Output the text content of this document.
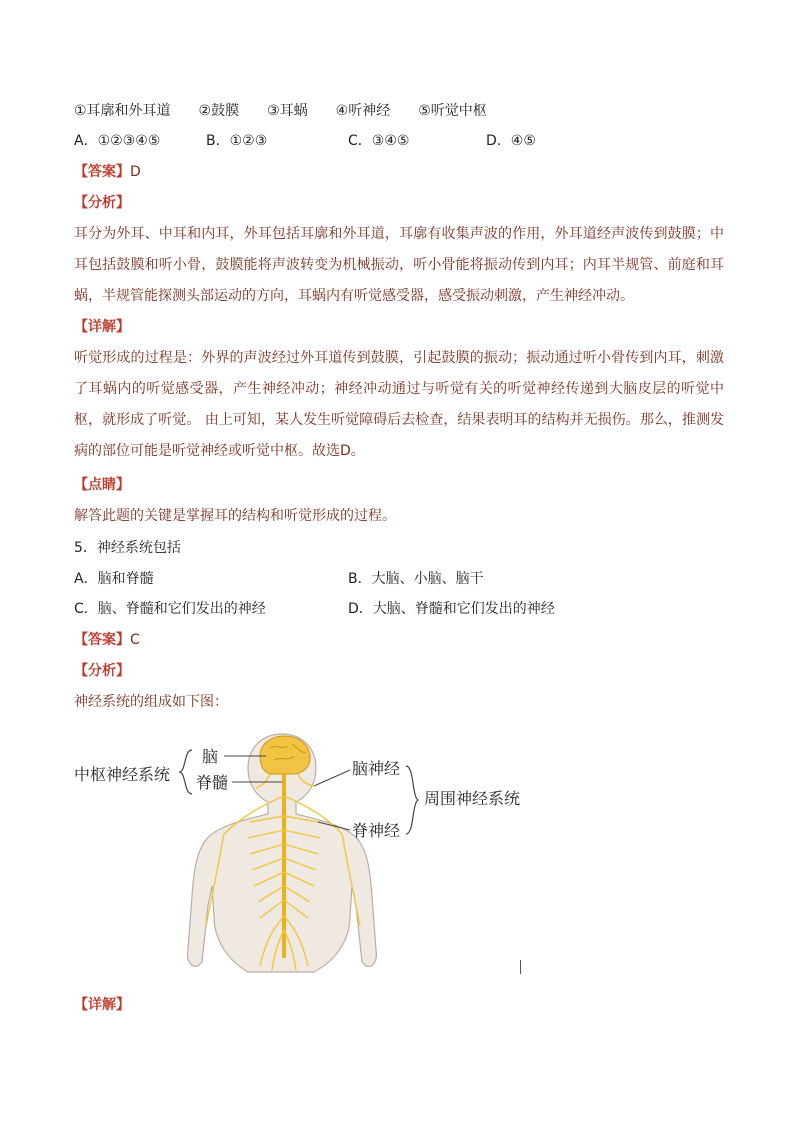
①耳廓和外耳道　　②鼓膜　　③耳蜗　　④听神经　　⑤听觉中枢
A．①②③④⑤	B．①②③	C．③④⑤	D．④⑤
【答案】D
【分析】
耳分为外耳、中耳和内耳，外耳包括耳廓和外耳道，耳廓有收集声波的作用，外耳道经声波传到鼓膜；中耳包括鼓膜和听小骨，鼓膜能将声波转变为机械振动，听小骨能将振动传到内耳；内耳半规管、前庭和耳蜗，半规管能探测头部运动的方向，耳蜗内有听觉感受器，感受振动刺激，产生神经冲动。
【详解】
听觉形成的过程是：外界的声波经过外耳道传到鼓膜，引起鼓膜的振动；振动通过听小骨传到内耳，刺激了耳蜗内的听觉感受器，产生神经冲动；神经冲动通过与听觉有关的听觉神经传递到大脑皮层的听觉中枢，就形成了听觉。 由上可知，某人发生听觉障碍后去检查，结果表明耳的结构并无损伤。那么，推测发病的部位可能是听觉神经或听觉中枢。故选D。
【点睛】
解答此题的关键是掌握耳的结构和听觉形成的过程。
5．神经系统包括
A．脑和脊髓	B．大脑、小脑、脑干
C．脑、脊髓和它们发出的神经	D．大脑、脊髓和它们发出的神经
【答案】C
【分析】
神经系统的组成如下图：
中枢神经系统
脑
脊髓
脑神经
脊神经
周围神经系统
【详解】
